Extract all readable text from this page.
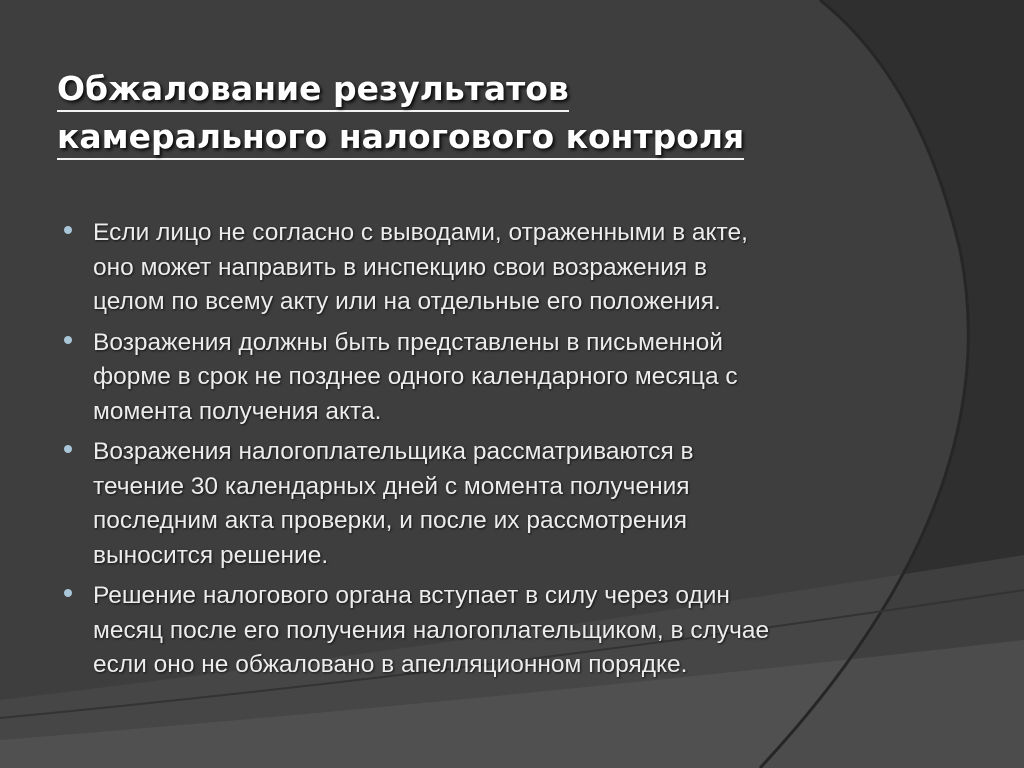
Обжалование результатов
камерального налогового контроля
Если лицо не согласно с выводами, отраженными в акте,
оно может направить в инспекцию свои возражения в
целом по всему акту или на отдельные его положения.
Возражения должны быть представлены в письменной
форме в срок не позднее одного календарного месяца с
момента получения акта.
Возражения налогоплательщика рассматриваются в
течение 30 календарных дней с момента получения
последним акта проверки, и после их рассмотрения
выносится решение.
Решение налогового органа вступает в силу через один
месяц после его получения налогоплательщиком, в случае
если оно не обжаловано в апелляционном порядке.
